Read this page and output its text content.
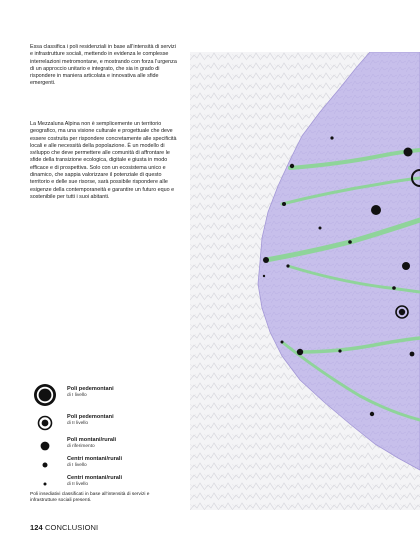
Essa classifica i poli residenziali in base all’intensità di servizi e infrastrutture sociali, mettendo in evidenza le complesse interrelazioni metromontane, e mostrando con forza l’urgenza di un approccio unitario e integrato, che sia in grado di rispondere in maniera articolata e innovativa alle sfide emergenti.
La Mezzaluna Alpina non è semplicemente un territorio geografico, ma una visione culturale e progettuale che deve essere costruita per rispondere concretamente alle specificità locali e alle necessità della popolazione. È un modello di sviluppo che deve permettere alle comunità di affrontare le sfide della transizione ecologica, digitale e giusta in modo efficace e di prospettiva. Solo con un ecosistema unico e dinamico, che sappia valorizzare il potenziale di questo territorio e delle sue risorse, sarà possibile rispondere alle esigenze della contemporaneità e garantire un futuro equo e sostenibile per tutti i suoi abitanti.
Poli pedemontani
di I livello
Poli pedemontani
di II livello
Poli montani/rurali
di riferimento
Centri montani/rurali
di I livello
Centri montani/rurali
di II livello
Poli insediativi classificati in base all’intensità di servizi e infrastrutture sociali presenti.
124 CONCLUSIONI
